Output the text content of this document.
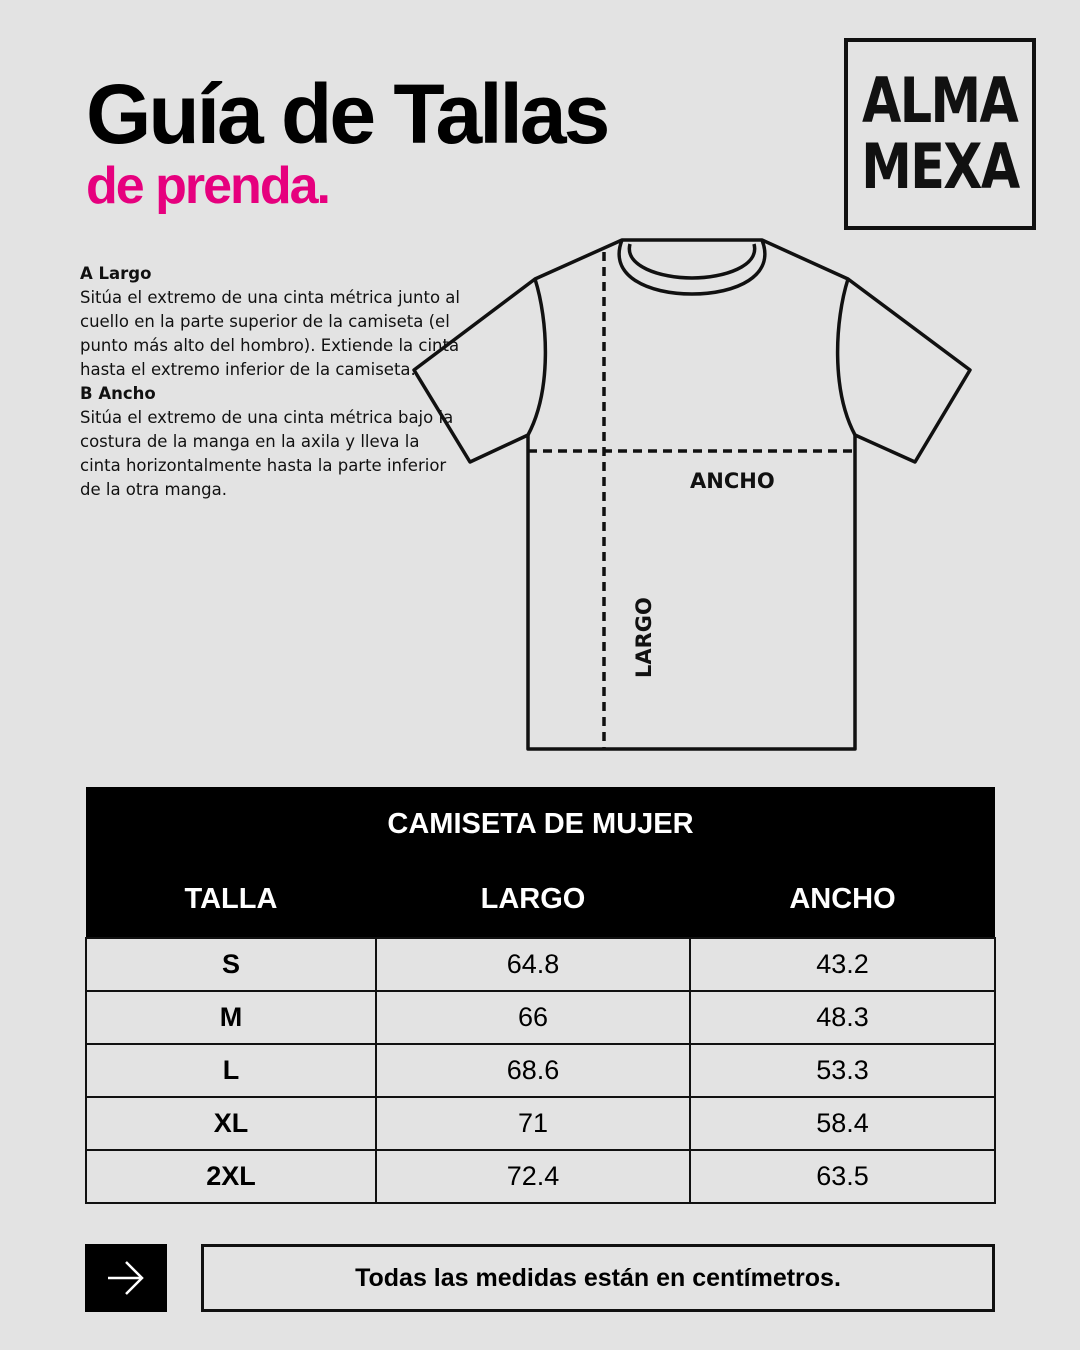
Guía de Tallas
de prenda.
ALMA
MEXA

A Largo

Sitúa el extremo de una cinta métrica junto al cuello en la parte superior de la camiseta (el punto más alto del hombro). Extiende la cinta hasta el extremo inferior de la camiseta.

B Ancho

Sitúa el extremo de una cinta métrica bajo la costura de la manga en la axila y lleva la cinta horizontalmente hasta la parte inferior de la otra manga.	ANCHO
LARGO
CAMISETA DE MUJER		
TALLA	LARGO	ANCHO
S	64.8	43.2
M	66	48.3
L	68.6	53.3
XL	71	58.4
2XL	72.4	63.5
Todas las medidas están en centímetros.
